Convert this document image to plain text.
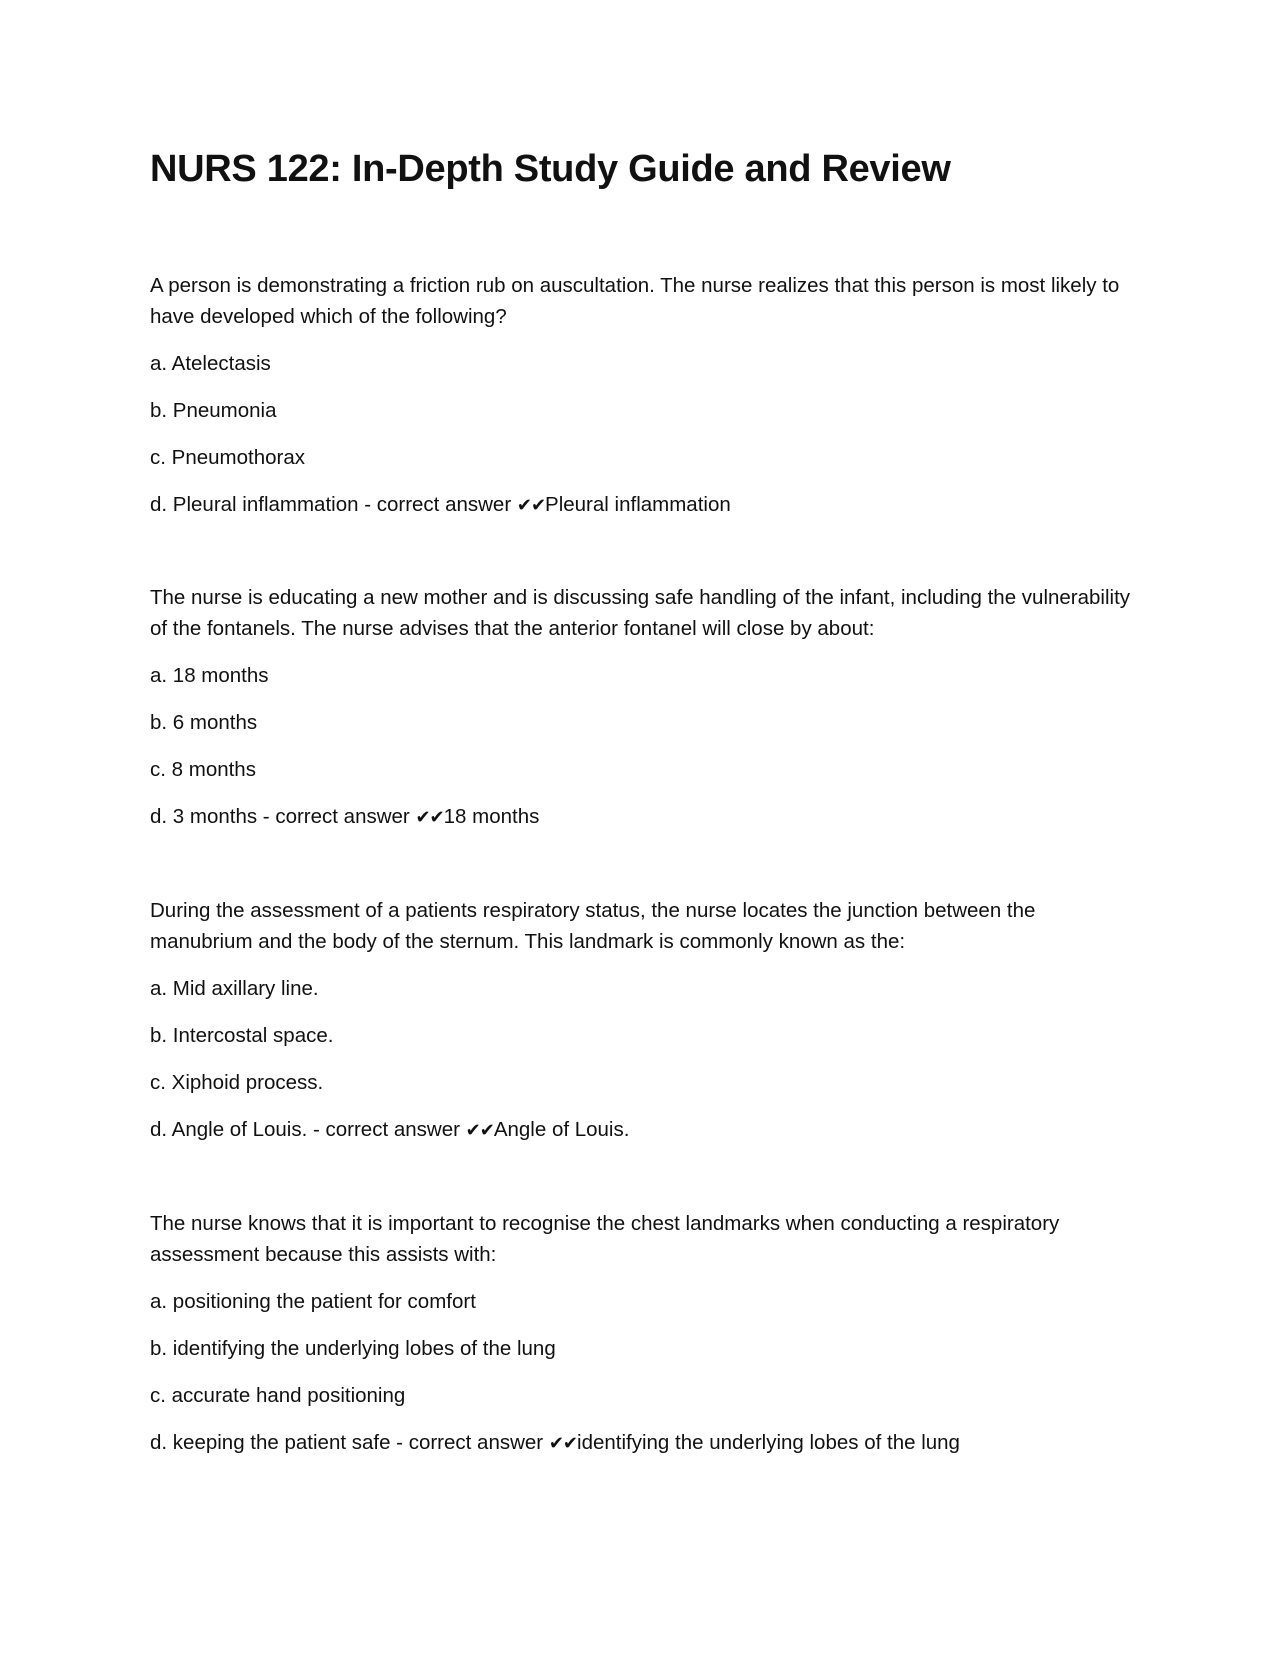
NURS 122: In-Depth Study Guide and Review

A person is demonstrating a friction rub on auscultation. The nurse realizes that this person is most likely to have developed which of the following?

a. Atelectasis
b. Pneumonia
c. Pneumothorax
d. Pleural inflammation - correct answer ✔✔Pleural inflammation

The nurse is educating a new mother and is discussing safe handling of the infant, including the vulnerability of the fontanels. The nurse advises that the anterior fontanel will close by about:

a. 18 months
b. 6 months
c. 8 months
d. 3 months - correct answer ✔✔18 months

During the assessment of a patients respiratory status, the nurse locates the junction between the manubrium and the body of the sternum. This landmark is commonly known as the:

a. Mid axillary line.
b. Intercostal space.
c. Xiphoid process.
d. Angle of Louis. - correct answer ✔✔Angle of Louis.

The nurse knows that it is important to recognise the chest landmarks when conducting a respiratory assessment because this assists with:

a. positioning the patient for comfort
b. identifying the underlying lobes of the lung
c. accurate hand positioning
d. keeping the patient safe - correct answer ✔✔identifying the underlying lobes of the lung
